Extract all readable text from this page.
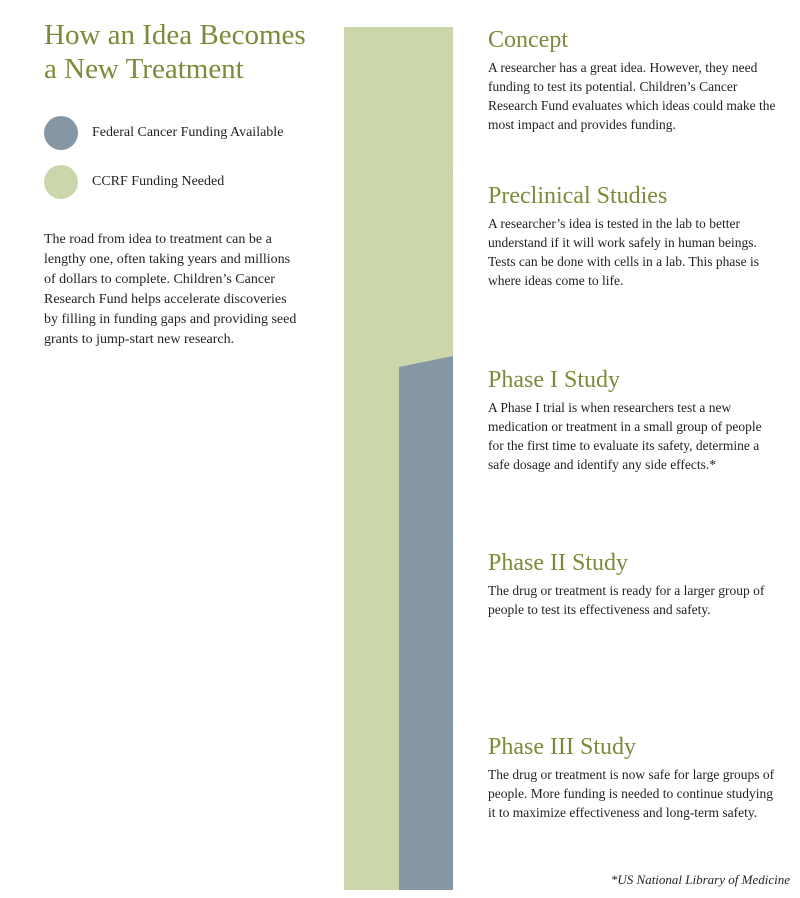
How an Idea Becomes
a New Treatment
Federal Cancer Funding Available
CCRF Funding Needed

The road from idea to treatment can be a lengthy one, often taking years and millions of dollars to complete. Children’s Cancer Research Fund helps accelerate discoveries by filling in funding gaps and providing seed grants to jump-start new research.

Concept

A researcher has a great idea. However, they need funding to test its potential. Children’s Cancer Research Fund evaluates which ideas could make the most impact and provides funding.

Preclinical Studies

A researcher’s idea is tested in the lab to better understand if it will work safely in human beings. Tests can be done with cells in a lab. This phase is where ideas come to life.

Phase I Study

A Phase I trial is when researchers test a new medication or treatment in a small group of people for the first time to evaluate its safety, determine a safe dosage and identify any side effects.*

Phase II Study

The drug or treatment is ready for a larger group of people to test its effectiveness and safety.

Phase III Study

The drug or treatment is now safe for large groups of people. More funding is needed to continue studying it to maximize effectiveness and long-term safety.

*US National Library of Medicine
